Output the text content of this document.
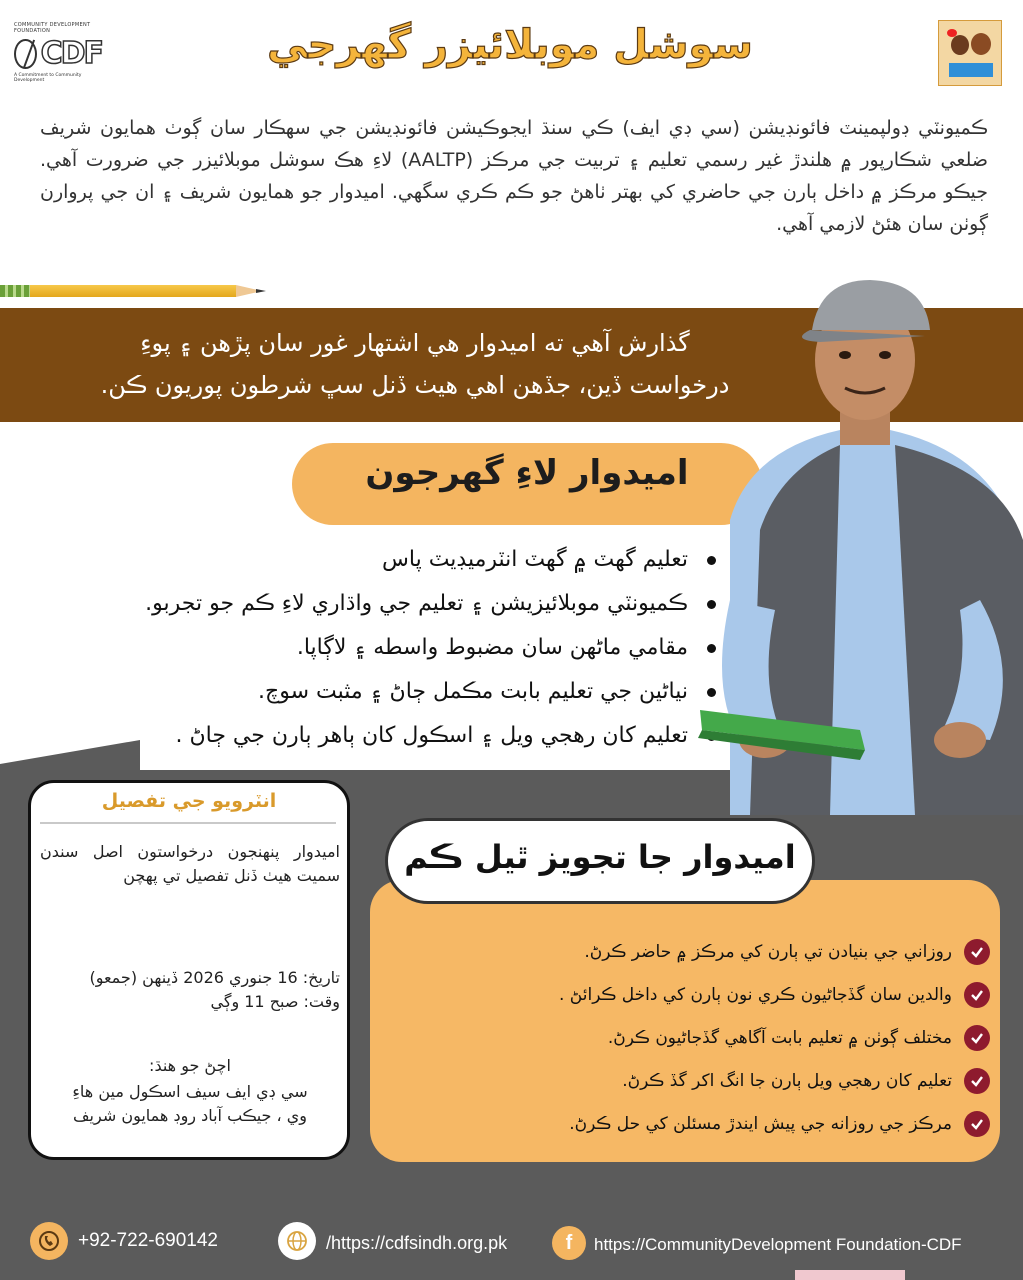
COMMUNITY DEVELOPMENT FOUNDATION
CDF
A Commitment to Community Development
سوشل موبلائيزر گھرجي

ڪميونٽي ڊولپمينٽ فائونڊيشن (سي ڊي ايف) ڪي سنڌ ايجوڪيشن فائونڊيشن جي سهڪار سان ڳوٺ همايون شريف ضلعي شڪارپور ۾ هلندڙ غير رسمي تعليم ۽ تربيت جي مرڪز (AALTP) لاءِ هڪ سوشل موبلائيزر جي ضرورت آهي. جيڪو مرڪز ۾ داخل ٻارن جي حاضري کي بهتر ٺاهڻ جو ڪم ڪري سگهي. اميدوار جو همايون شريف ۽ ان جي پروارن ڳوٺن سان هئڻ لازمي آهي.

گذارش آهي ته اميدوار هي اشتهار غور سان پڙهن ۽ پوءِ
درخواست ڏين، جڏهن اهي هيٺ ڏنل سڀ شرطون پوريون ڪن.
اميدوار لاءِ گهرجون
تعليم گهٽ ۾ گهٽ انٽرميڊيٽ پاس
ڪميونٽي موبلائيزيشن ۽ تعليم جي واڌاري لاءِ ڪم جو تجربو.
مقامي ماڻهن سان مضبوط واسطه ۽ لاڳاپا.
نياڻين جي تعليم بابت مڪمل ڄاڻ ۽ مثبت سوچ.
تعليم کان رهجي ويل ۽ اسڪول کان ٻاهر ٻارن جي ڄاڻ .
انٽرويو جي تفصيل

اميدوار پنهنجون درخواستون اصل سندن سميت هيٺ ڏنل تفصيل تي پهچن

تاريخ: 16 جنوري 2026 ڏينهن (جمعو)
وقت: صبح 11 وڳي
اچڻ جو هنڌ:
سي ڊي ايف سيف اسڪول مين هاءِ
وي ، جيڪب آباد روڊ همايون شريف
اميدوار جا تجويز ٿيل ڪم
روزاني جي بنيادن تي ٻارن کي مرڪز ۾ حاضر ڪرڻ.
والدين سان گڏجاڻيون ڪري نون ٻارن کي داخل ڪرائڻ .
مختلف ڳوٺن ۾ تعليم بابت آگاهي گڏجاڻيون ڪرڻ.
تعليم کان رهجي ويل ٻارن جا انگ اکر گڏ ڪرڻ.
مرڪز جي روزانه جي پيش ايندڙ مسئلن کي حل ڪرڻ.
+92-722-690142	/https://cdfsindh.org.pk	f https://CommunityDevelopment Foundation-CDF
